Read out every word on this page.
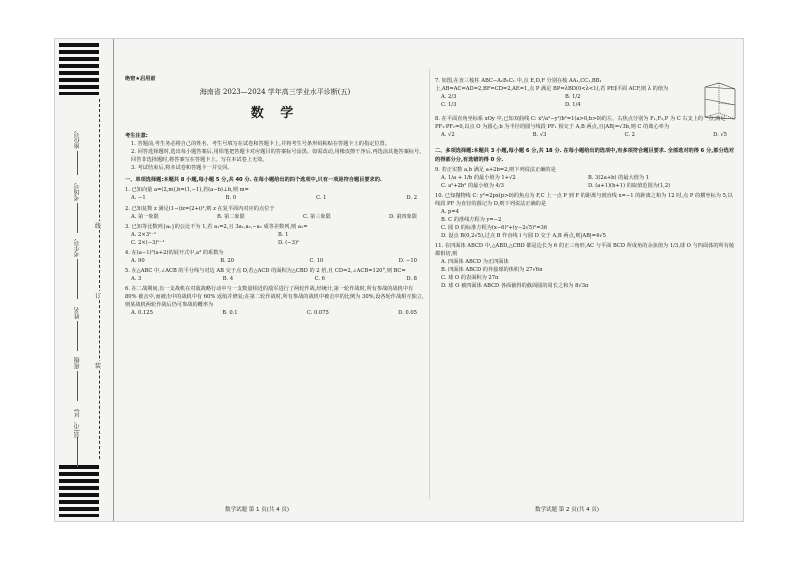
座位号
考场号
考生号
姓名
班级
县(市、区)
线
订
装
绝密★启用前
海南省 2023—2024 学年高三学业水平诊断(五)
数 学
考生注意:
1. 答题前,考生务必将自己的姓名、考生号填写在试卷和答题卡上,并将考生号条形码粘贴在答题卡上的指定位置。
2. 回答选择题时,选出每小题答案后,用铅笔把答题卡对应题目的答案标号涂黑。如需改动,用橡皮擦干净后,再选涂其他答案标号。回答非选择题时,将答案写在答题卡上。写在本试卷上无效。
3. 考试结束后,将本试卷和答题卡一并交回。
一、单项选择题:本题共 8 小题,每小题 5 分,共 40 分. 在每小题给出的四个选项中,只有一项是符合题目要求的.
1. 已知向量 a=(2,m),b=(1,−1),若(a−b)⊥b,则 m=
A. −1	B. 0	C. 1	D. 2
2. 已知复数 z 满足(1−i)z=(2+i)²,则 z 在复平面内对应的点位于
A. 第一象限	B. 第二象限	C. 第三象限	D. 第四象限
3. 已知等比数列{aₙ}的公比不为 1,若 a₁=2,且 3a₁,a₃,−a₂ 成等差数列,则 aₙ=
A. 2×3ⁿ⁻¹	B. 1
C. 2×(−3)ⁿ⁻¹	D. (−3)ⁿ
4. 在(a−1)⁵(a+2)的展开式中,a³ 的系数为
A. 90	B. 20	C. 10	D. −10
5. 在△ABC 中,∠ACB 的平分线与对边 AB 交于点 D,若△ACD 的面积为△CBD 的 2 倍,且 CD=2,∠ACB=120°,则 BC=
A. 3	B. 4	C. 6	D. 8
6. 在二战期间,有一支战机在对敌战略行动中与一支数量相近的敌军进行了两轮作战,经统计,第一轮作战时,所有参战的战机中有 80% 被击中,而被击中的战机中有 60% 返航并修复;在第二轮作战时,所有参战的战机中被击中的比例为 30%,设各轮作战相互独立,则某战机两轮作战后仍可参战的概率为
A. 0.125	B. 0.1	C. 0.075	D. 0.05
数学试题 第 1 页(共 4 页)
7. 如图,在直三棱柱 ABC−A₁B₁C₁ 中,点 E,D,F 分别在棱 AA₁,CC₁,BB₁ 上,AB=AC=AD=2,BF=CD=2,AE=1,点 P 满足 BP=λBD(0<λ<1),若 PE∥平面 ACF,则 λ 的值为
A. 2/3	B. 1/2
C. 1/3	D. 1/4
8. 在平面直角坐标系 xOy 中,已知双曲线 C: x²/a²−y²/b²=1(a>0,b>0)的左、右焦点分别为 F₁,F₂,P 为 C 右支上的一点,满足 PF₁·PF₂=0,以点 O 为圆心,b 为半径的圆与线段 PF₁ 相交于 A,B 两点,且|AB|=√3b,则 C 的离心率为
A. √2	B. √3	C. 2	D. √5
二、多项选择题:本题共 3 小题,每小题 6 分,共 18 分. 在每小题给出的选项中,有多项符合题目要求. 全部选对的得 6 分,部分选对的得部分分,有选错的得 0 分.
9. 若正实数 a,b 满足 a+2b=2,则下列说法正确的是
A. 1/a + 1/b 的最小值为 1+√2	B. 3(2a+b) 的最大值为 1
C. a²+2b² 的最小值为 4/3	D. (a+1)(b+1) 的取值范围为(1,2)
10. 已知抛物线 C: y²=2px(p>0)的焦点为 F,C 上一点 P 到 F 的距离与到直线 x=−1 的距离之和为 12 时,点 P 的横坐标为 5,以线段 PF 为直径的圆记为 D,则下列说法正确的是
A. p=4
B. C 的准线方程为 y=−2
C. 圆 D 的标准方程为(x−6)²+(y−2√5)²=36
D. 设点 B(0,2√5),过点 B 作直线 l 与圆 D 交于 A,B 两点,则|AB|=4√5
11. 在四面体 ABCD 中,△ABD,△CBD 都是边长为 6 的正三角形,AC 与平面 BCD 所成角的余弦值为 1/3,球 O 与四面体的所有棱都相切,则
A. 四面体 ABCD 为正四面体
B. 四面体 ABCD 的外接球的体积为 27√6π
C. 球 O 的表面积为 27π
D. 球 O 被四面体 ABCD 各面截得的截面圆的周长之和为 8√3π
数学试题 第 2 页(共 4 页)
